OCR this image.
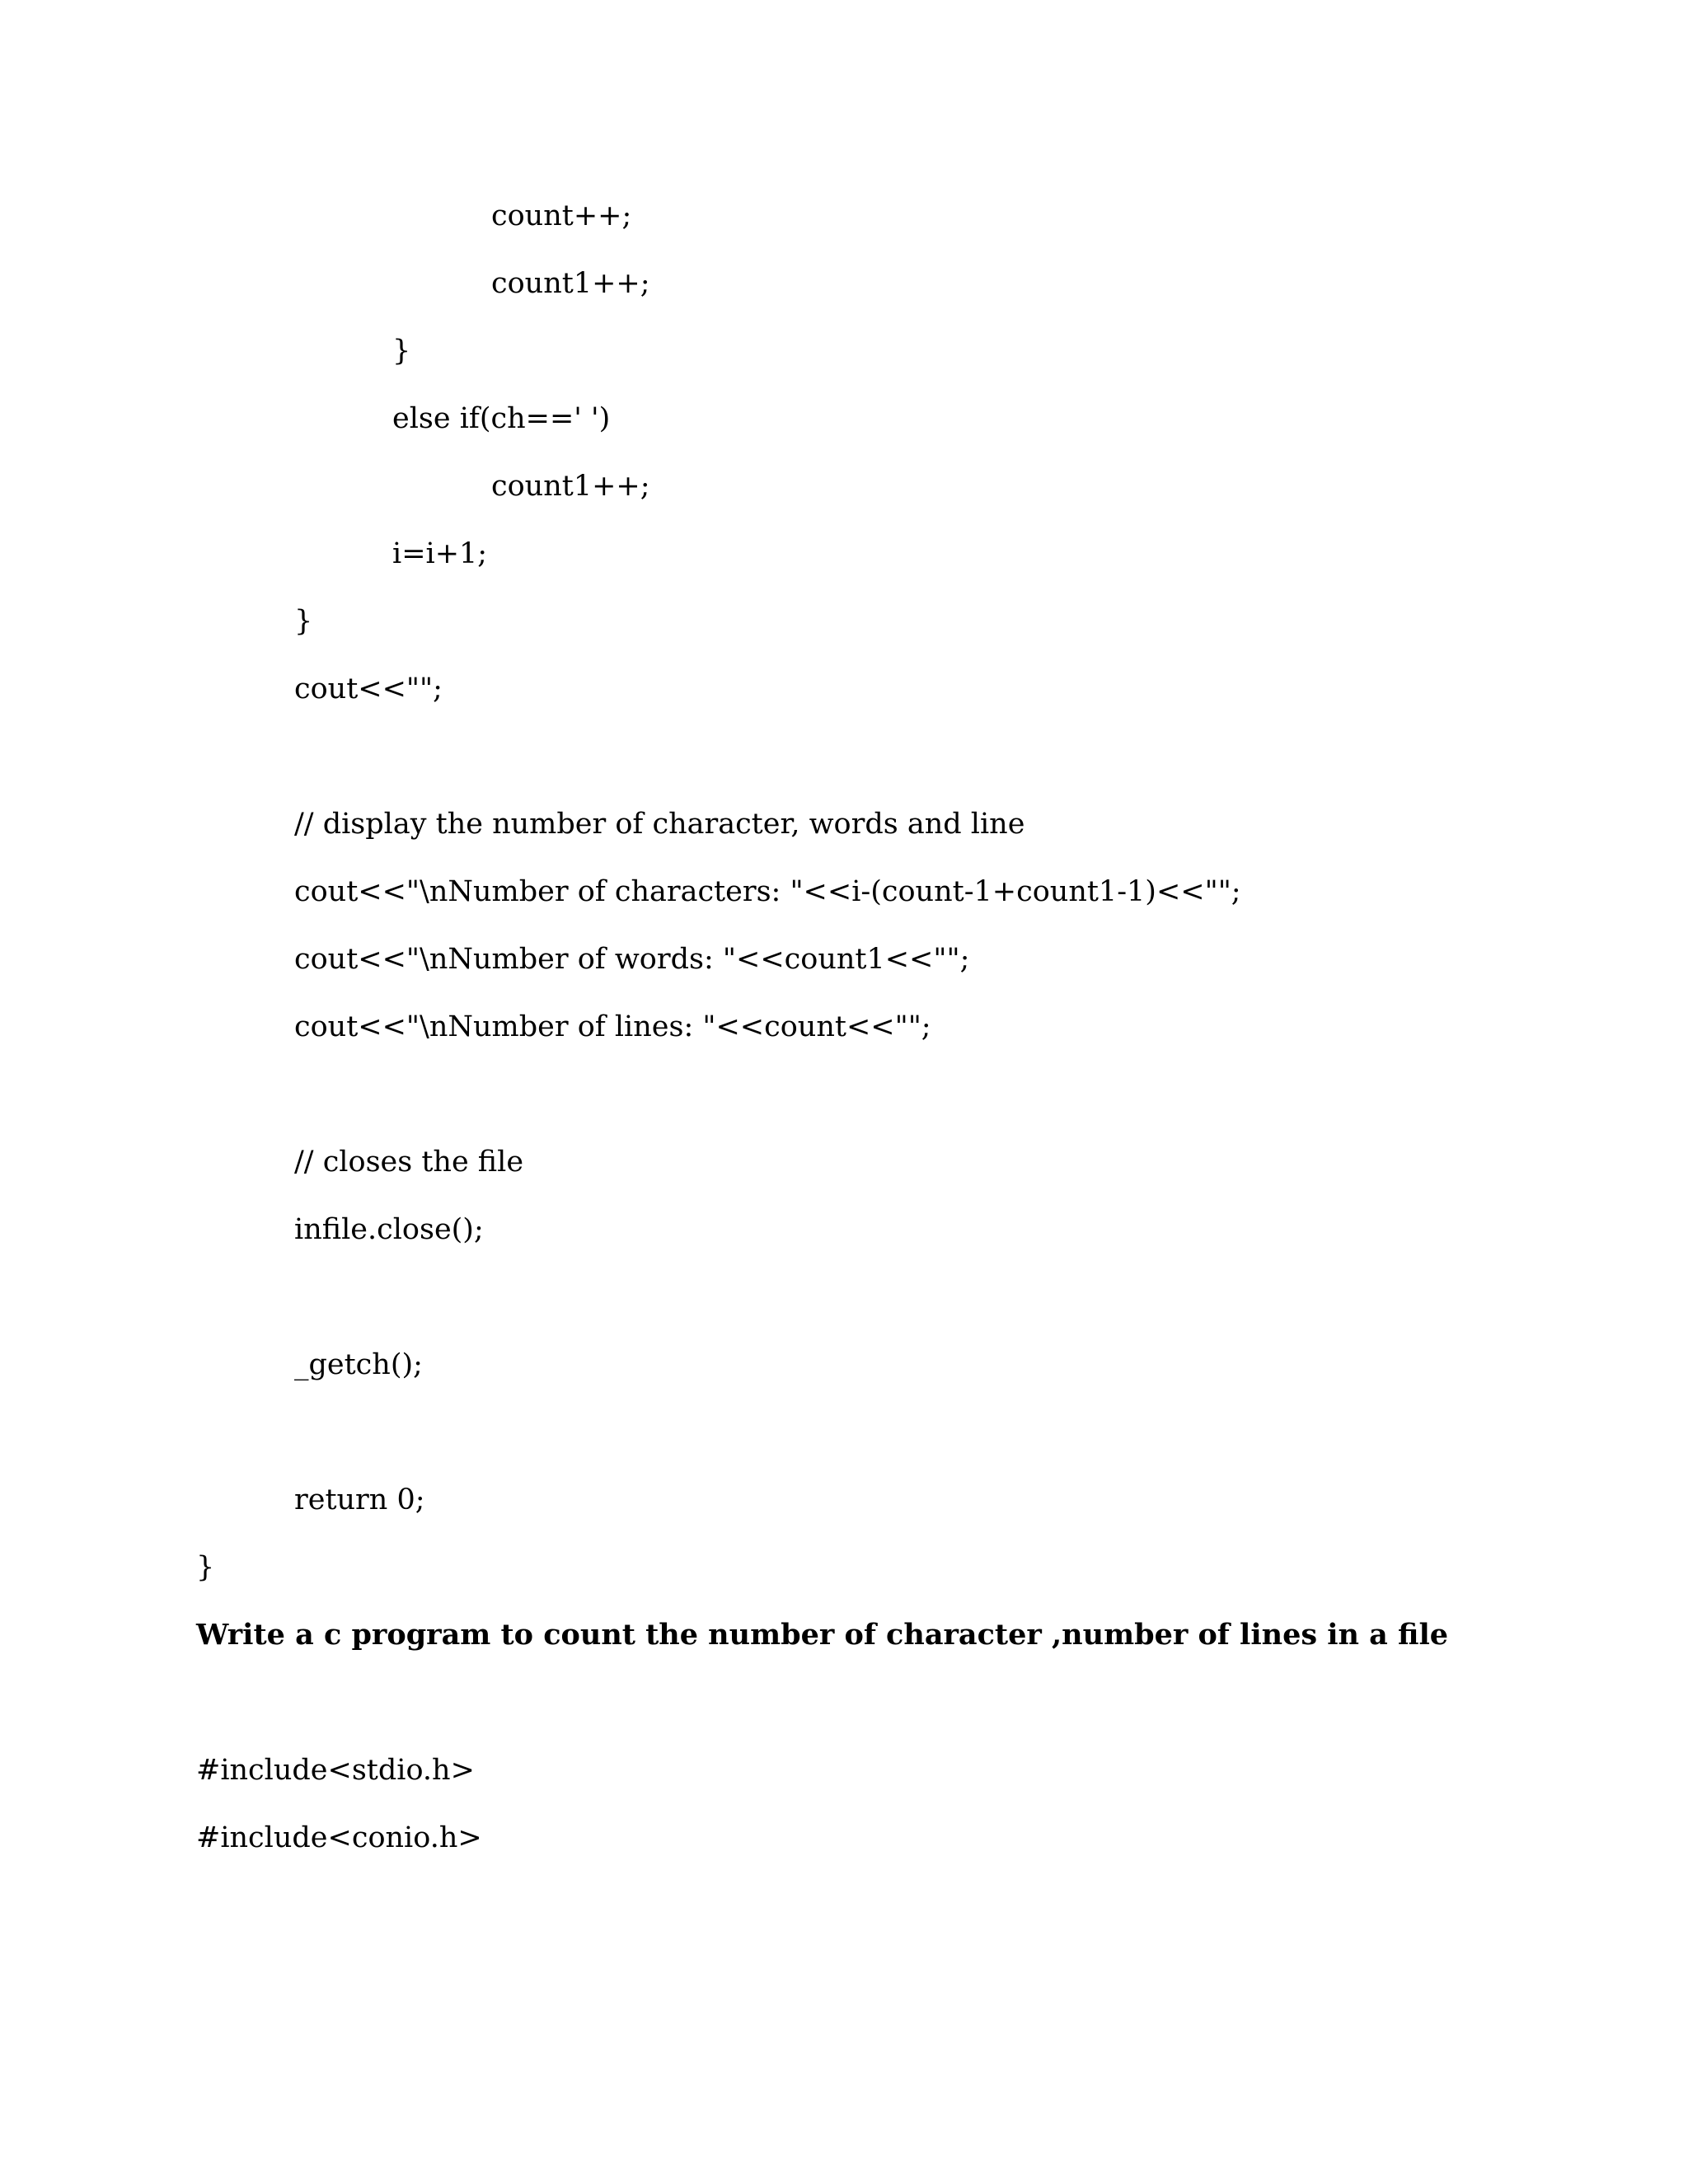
count++;
count1++;
}
else if(ch==' ')
count1++;
i=i+1;
}
cout<<"";
// display the number of character, words and line
cout<<"\nNumber of characters: "<<i-(count-1+count1-1)<<"";
cout<<"\nNumber of words: "<<count1<<"";
cout<<"\nNumber of lines: "<<count<<"";
// closes the file
infile.close();
_getch();
return 0;
}
Write a c program to count the number of character ,number of lines in a file
#include<stdio.h>
#include<conio.h>
